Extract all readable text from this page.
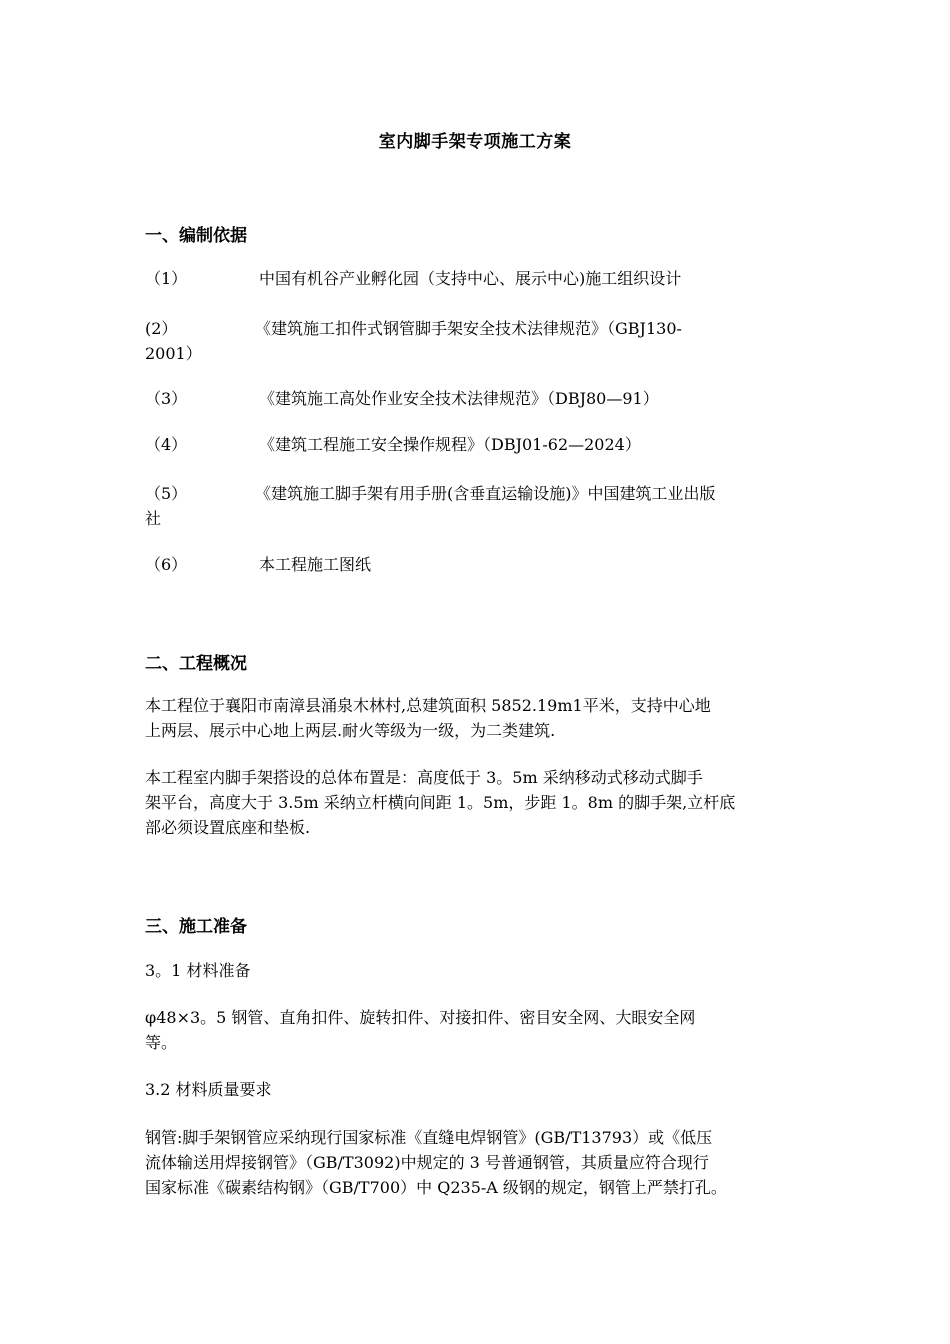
室内脚手架专项施工方案
一、编制依据
（1）	中国有机谷产业孵化园（支持中心、展示中心)施工组织设计
(2）	《建筑施工扣件式钢管脚手架安全技术法律规范》（GBJ130-
2001）
（3）	《建筑施工高处作业安全技术法律规范》（DBJ80—91）
（4）	《建筑工程施工安全操作规程》（DBJ01-62—2024）
（5）	《建筑施工脚手架有用手册(含垂直运输设施)》中国建筑工业出版
社
（6）	本工程施工图纸
二、工程概况
本工程位于襄阳市南漳县涌泉木林村,总建筑面积 5852.19m1平米，支持中心地
上两层、展示中心地上两层.耐火等级为一级，为二类建筑.
本工程室内脚手架搭设的总体布置是：高度低于 3。5m 采纳移动式移动式脚手
架平台，高度大于 3.5m 采纳立杆横向间距 1。5m，步距 1。8m 的脚手架,立杆底
部必须设置底座和垫板.
三、施工准备
3。1 材料准备
φ48×3。5 钢管、直角扣件、旋转扣件、对接扣件、密目安全网、大眼安全网
等。
3.2 材料质量要求
钢管:脚手架钢管应采纳现行国家标准《直缝电焊钢管》(GB/T13793）或《低压
流体输送用焊接钢管》（GB/T3092)中规定的 3 号普通钢管，其质量应符合现行
国家标准《碳素结构钢》（GB/T700）中 Q235-A 级钢的规定，钢管上严禁打孔。
